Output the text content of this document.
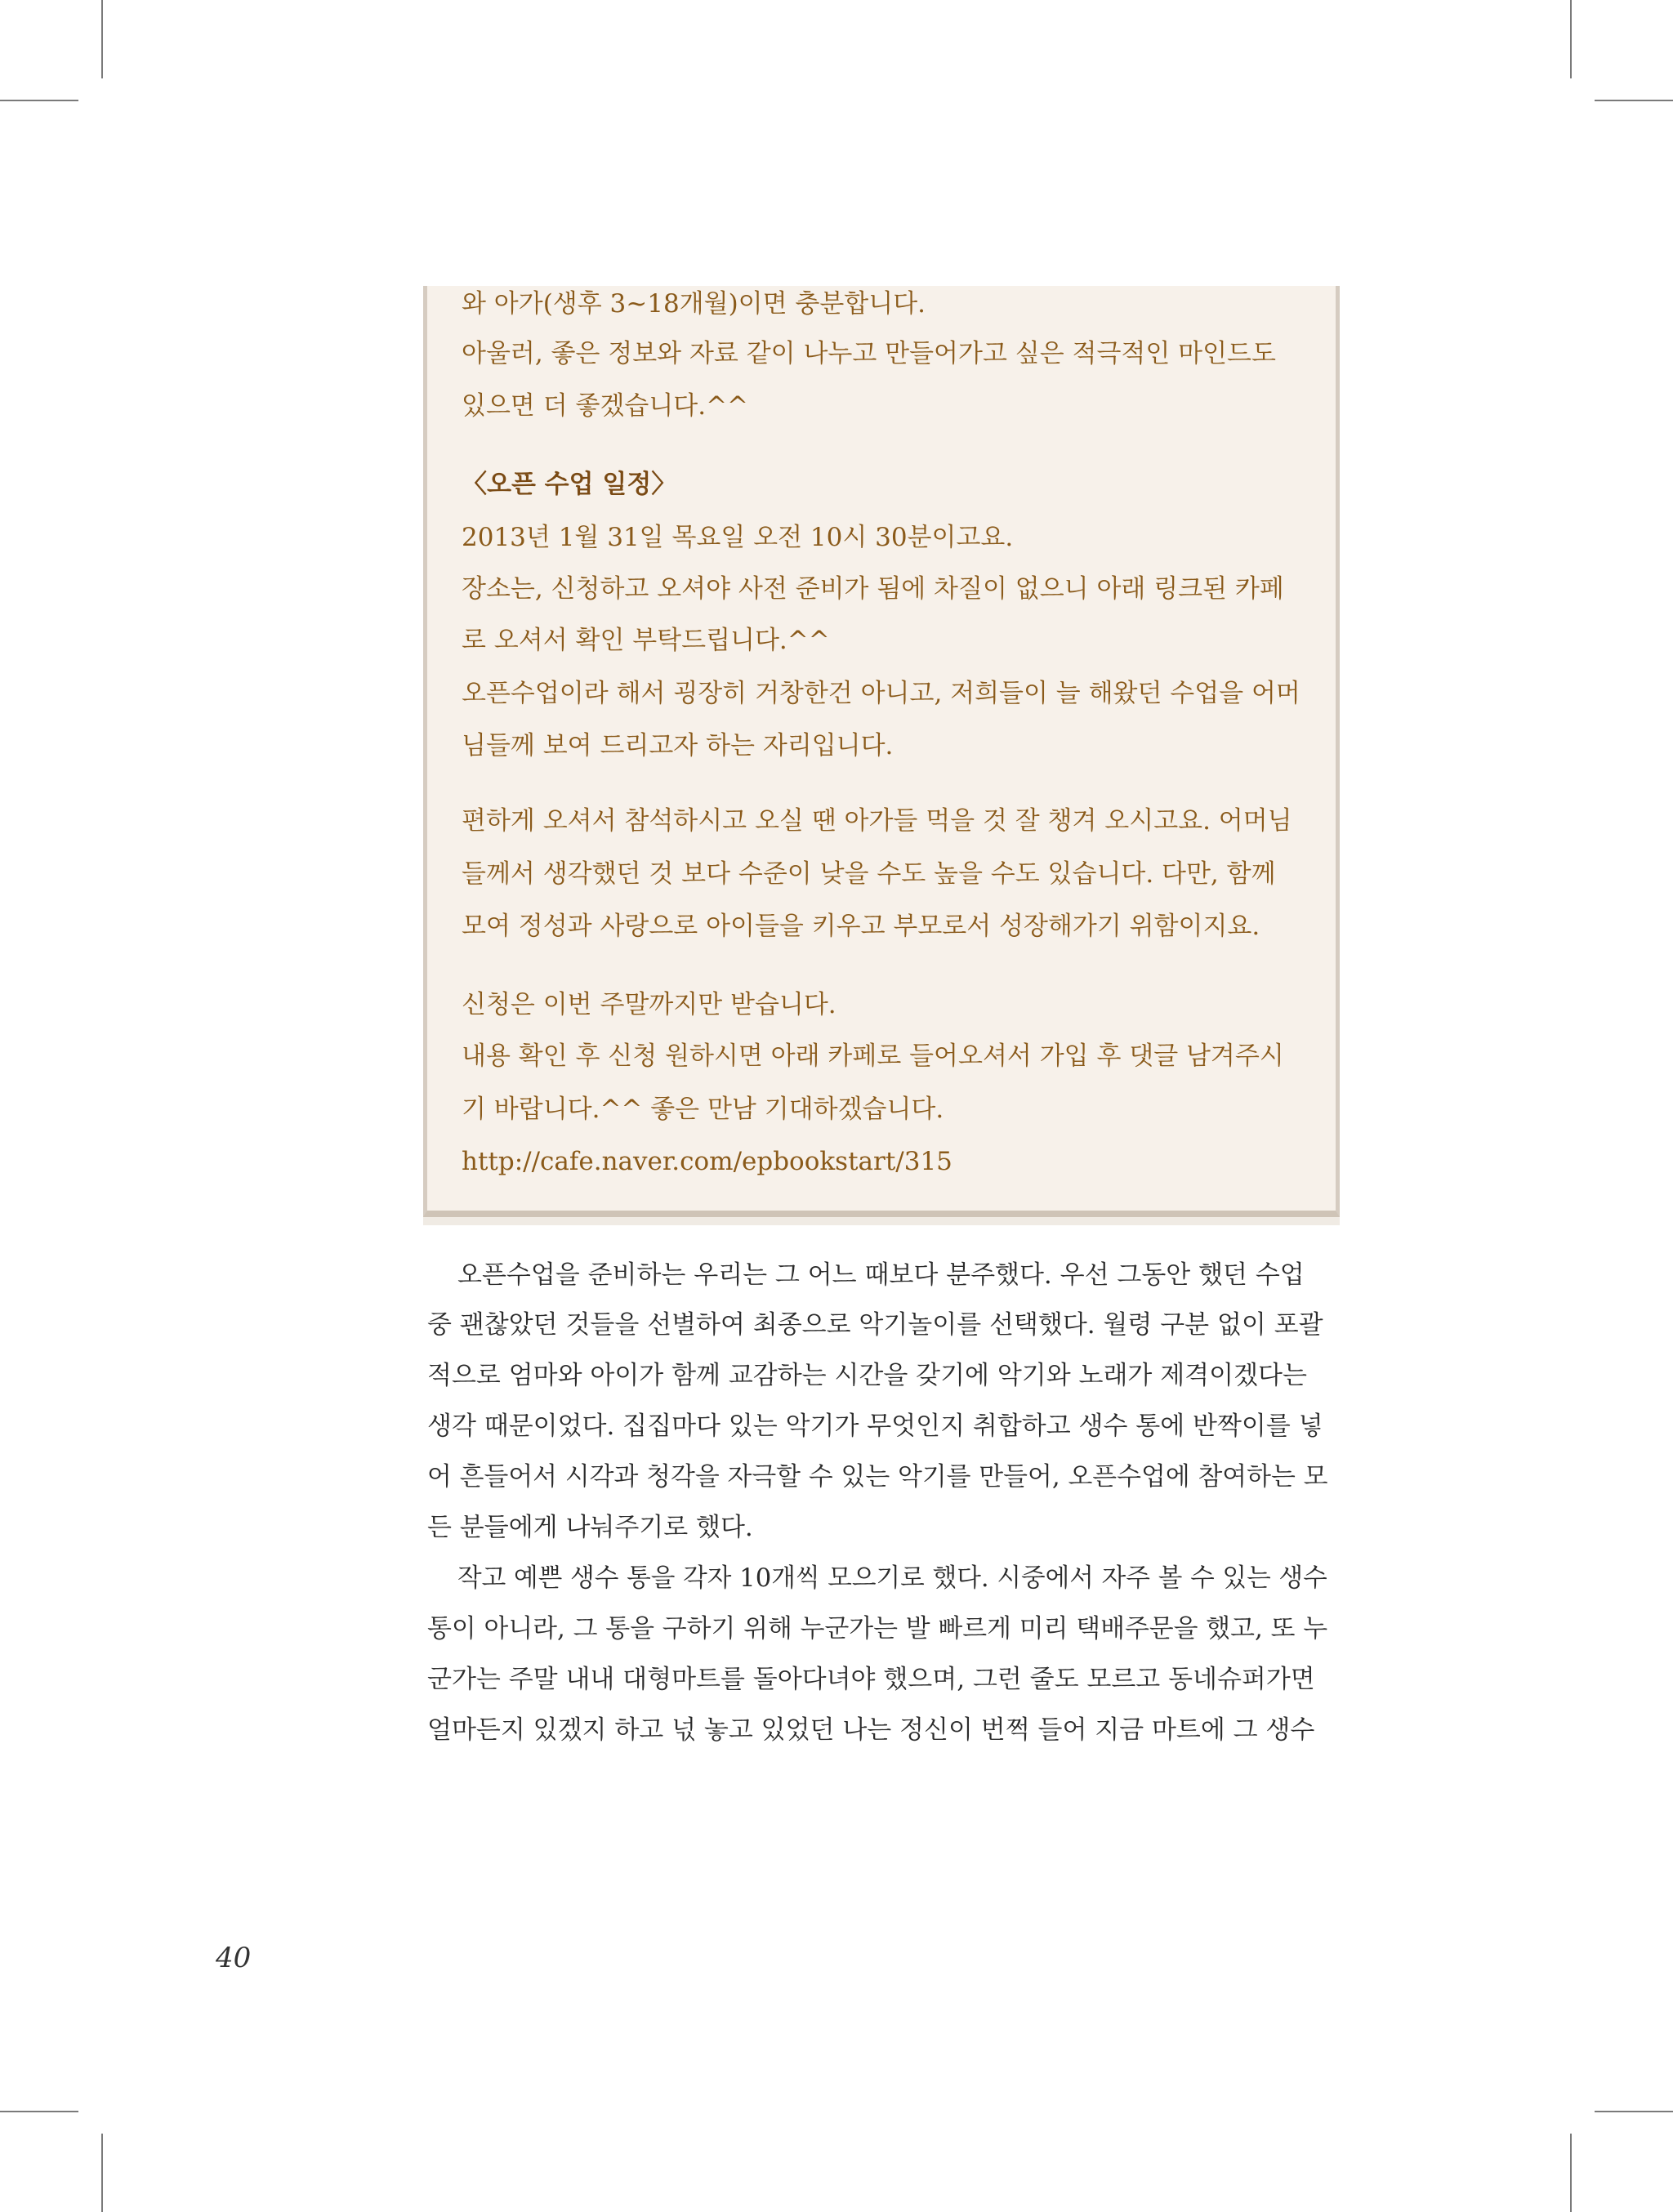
와 아가(생후 3~18개월)이면 충분합니다.
아울러, 좋은 정보와 자료 같이 나누고 만들어가고 싶은 적극적인 마인드도
있으면 더 좋겠습니다.^^
〈오픈 수업 일정〉
2013년 1월 31일 목요일 오전 10시 30분이고요.
장소는, 신청하고 오셔야 사전 준비가 됨에 차질이 없으니 아래 링크된 카페
로 오셔서 확인 부탁드립니다.^^
오픈수업이라 해서 굉장히 거창한건 아니고, 저희들이 늘 해왔던 수업을 어머
님들께 보여 드리고자 하는 자리입니다.
편하게 오셔서 참석하시고 오실 땐 아가들 먹을 것 잘 챙겨 오시고요. 어머님
들께서 생각했던 것 보다 수준이 낮을 수도 높을 수도 있습니다. 다만, 함께
모여 정성과 사랑으로 아이들을 키우고 부모로서 성장해가기 위함이지요.
신청은 이번 주말까지만 받습니다.
내용 확인 후 신청 원하시면 아래 카페로 들어오셔서 가입 후 댓글 남겨주시
기 바랍니다.^^ 좋은 만남 기대하겠습니다.
http://cafe.naver.com/epbookstart/315
오픈수업을 준비하는 우리는 그 어느 때보다 분주했다. 우선 그동안 했던 수업
중 괜찮았던 것들을 선별하여 최종으로 악기놀이를 선택했다. 월령 구분 없이 포괄
적으로 엄마와 아이가 함께 교감하는 시간을 갖기에 악기와 노래가 제격이겠다는
생각 때문이었다. 집집마다 있는 악기가 무엇인지 취합하고 생수 통에 반짝이를 넣
어 흔들어서 시각과 청각을 자극할 수 있는 악기를 만들어, 오픈수업에 참여하는 모
든 분들에게 나눠주기로 했다.
작고 예쁜 생수 통을 각자 10개씩 모으기로 했다. 시중에서 자주 볼 수 있는 생수
통이 아니라, 그 통을 구하기 위해 누군가는 발 빠르게 미리 택배주문을 했고, 또 누
군가는 주말 내내 대형마트를 돌아다녀야 했으며, 그런 줄도 모르고 동네슈퍼가면
얼마든지 있겠지 하고 넋 놓고 있었던 나는 정신이 번쩍 들어 지금 마트에 그 생수
40
